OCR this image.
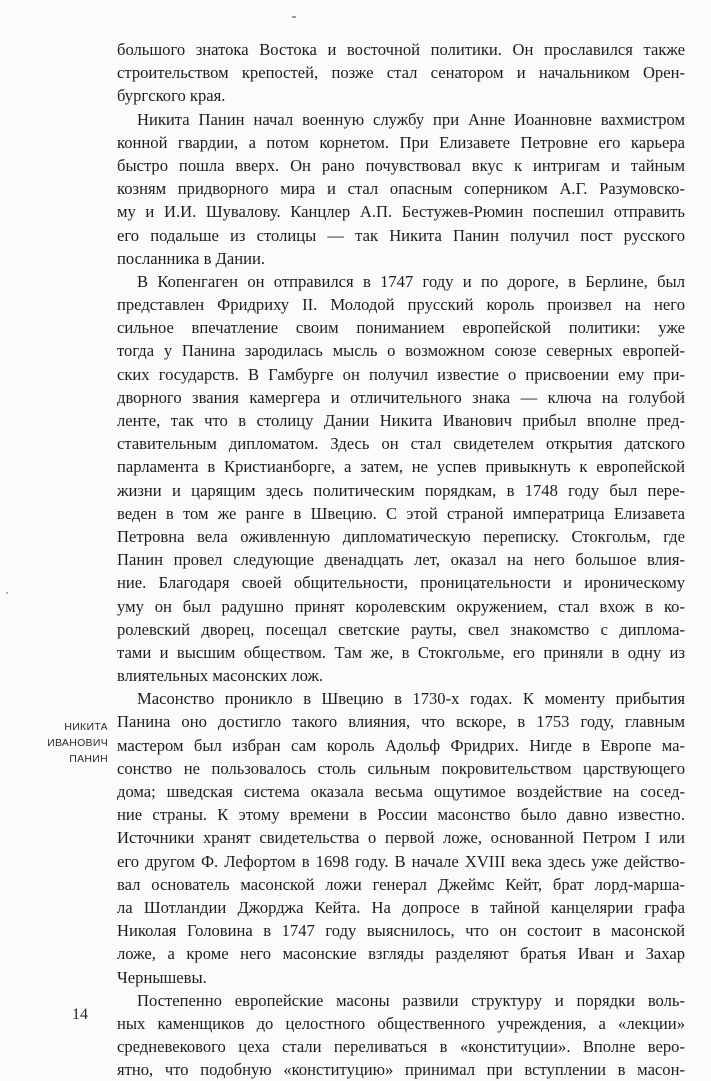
большого знатока Востока и восточной политики. Он прославился также
строительством крепостей, позже стал сенатором и начальником Орен-
бургского края.
Никита Панин начал военную службу при Анне Иоанновне вахмистром
конной гвардии, а потом корнетом. При Елизавете Петровне его карьера
быстро пошла вверх. Он рано почувствовал вкус к интригам и тайным
козням придворного мира и стал опасным соперником А.Г. Разумовско-
му и И.И. Шувалову. Канцлер А.П. Бестужев-Рюмин поспешил отправить
его подальше из столицы — так Никита Панин получил пост русского
посланника в Дании.
В Копенгаген он отправился в 1747 году и по дороге, в Берлине, был
представлен Фридриху II. Молодой прусский король произвел на него
сильное впечатление своим пониманием европейской политики: уже
тогда у Панина зародилась мысль о возможном союзе северных европей-
ских государств. В Гамбурге он получил известие о присвоении ему при-
дворного звания камергера и отличительного знака — ключа на голубой
ленте, так что в столицу Дании Никита Иванович прибыл вполне пред-
ставительным дипломатом. Здесь он стал свидетелем открытия датского
парламента в Кристианборге, а затем, не успев привыкнуть к европейской
жизни и царящим здесь политическим порядкам, в 1748 году был пере-
веден в том же ранге в Швецию. С этой страной императрица Елизавета
Петровна вела оживленную дипломатическую переписку. Стокгольм, где
Панин провел следующие двенадцать лет, оказал на него большое влия-
ние. Благодаря своей общительности, проницательности и ироническому
уму он был радушно принят королевским окружением, стал вхож в ко-
ролевский дворец, посещал светские рауты, свел знакомство с диплома-
тами и высшим обществом. Там же, в Стокгольме, его приняли в одну из
влиятельных масонских лож.
Масонство проникло в Швецию в 1730-х годах. К моменту прибытия
Панина оно достигло такого влияния, что вскоре, в 1753 году, главным
мастером был избран сам король Адольф Фридрих. Нигде в Европе ма-
сонство не пользовалось столь сильным покровительством царствующего
дома; шведская система оказала весьма ощутимое воздействие на сосед-
ние страны. К этому времени в России масонство было давно известно.
Источники хранят свидетельства о первой ложе, основанной Петром I или
его другом Ф. Лефортом в 1698 году. В начале XVIII века здесь уже действо-
вал основатель масонской ложи генерал Джеймс Кейт, брат лорд-марша-
ла Шотландии Джорджа Кейта. На допросе в тайной канцелярии графа
Николая Головина в 1747 году выяснилось, что он состоит в масонской
ложе, а кроме него масонские взгляды разделяют братья Иван и Захар
Чернышевы.
Постепенно европейские масоны развили структуру и порядки воль-
ных каменщиков до целостного общественного учреждения, а «лекции»
средневекового цеха стали переливаться в «конституции». Вполне веро-
ятно, что подобную «конституцию» принимал при вступлении в масон-
НИКИТА
ИВАНОВИЧ
ПАНИН
14
